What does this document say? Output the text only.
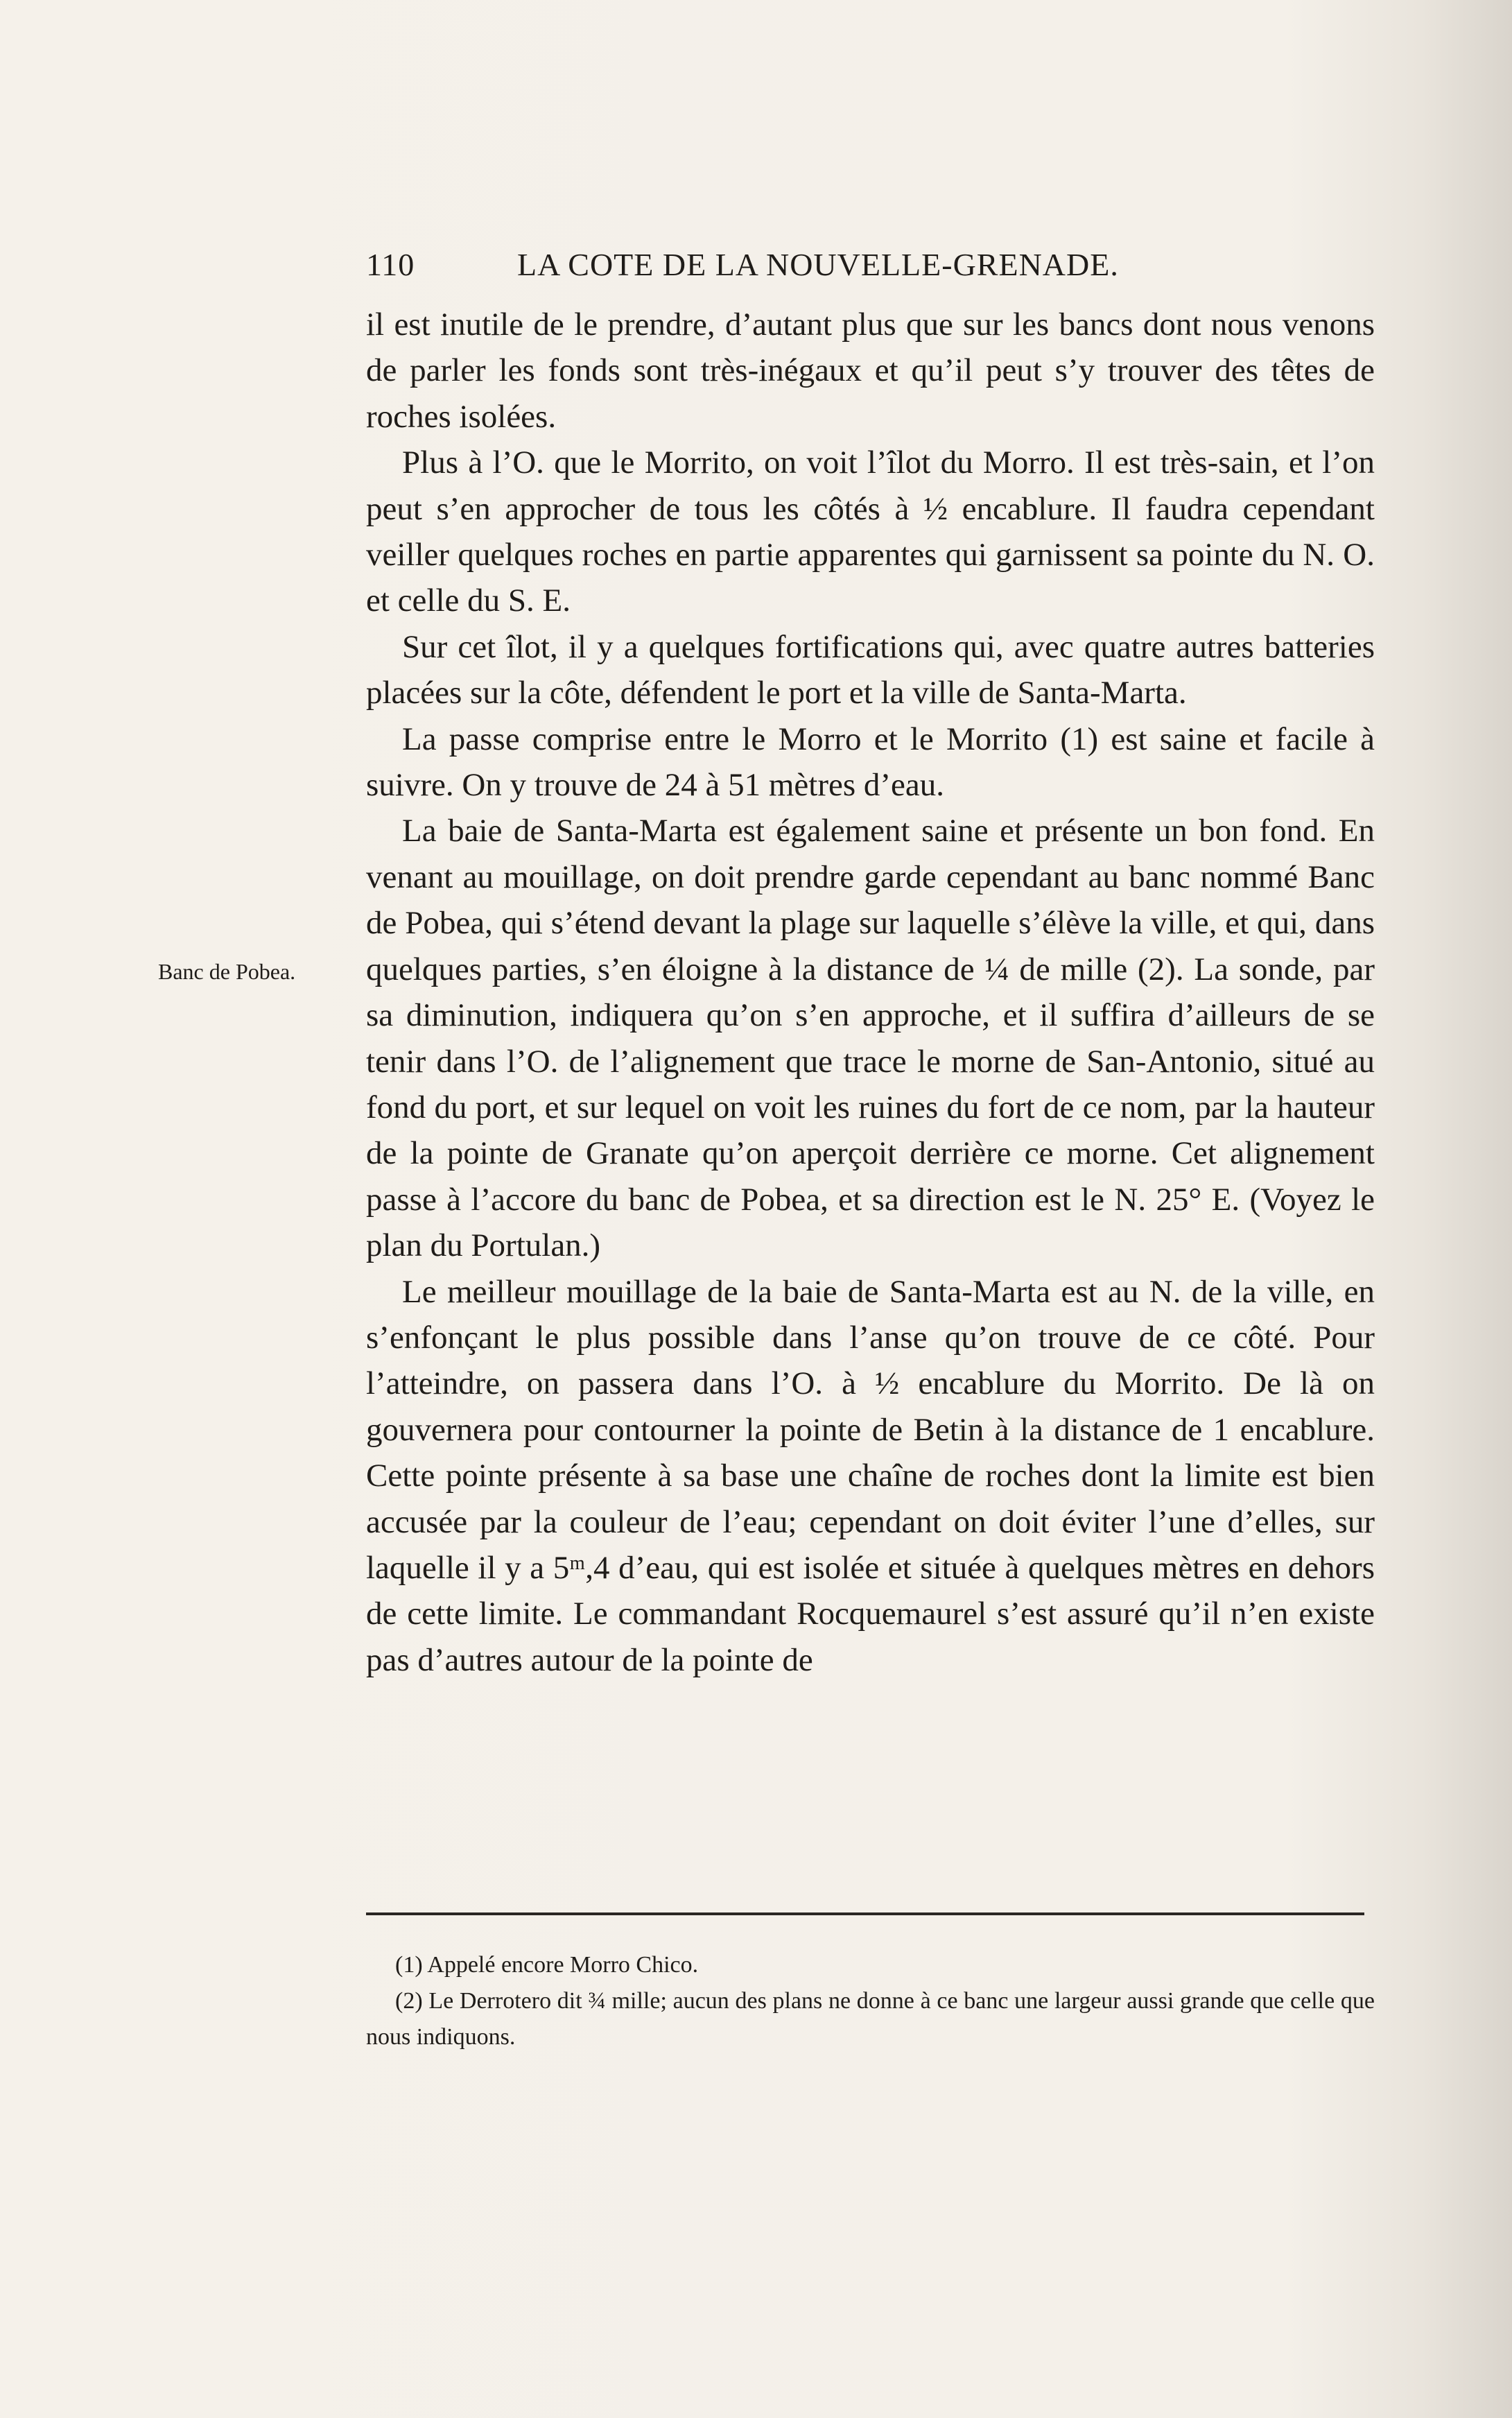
110	LA COTE DE LA NOUVELLE-GRENADE.
Banc de Pobea.

il est inutile de le prendre, d’autant plus que sur les bancs dont nous venons de parler les fonds sont très-inégaux et qu’il peut s’y trouver des têtes de roches isolées.

Plus à l’O. que le Morrito, on voit l’îlot du Morro. Il est très-sain, et l’on peut s’en approcher de tous les côtés à ½ encablure. Il faudra cependant veiller quelques roches en partie apparentes qui garnissent sa pointe du N. O. et celle du S. E.

Sur cet îlot, il y a quelques fortifications qui, avec quatre autres batteries placées sur la côte, défendent le port et la ville de Santa-Marta.

La passe comprise entre le Morro et le Morrito (1) est saine et facile à suivre. On y trouve de 24 à 51 mètres d’eau.

La baie de Santa-Marta est également saine et présente un bon fond. En venant au mouillage, on doit prendre garde cependant au banc nommé Banc de Pobea, qui s’étend devant la plage sur laquelle s’élève la ville, et qui, dans quelques parties, s’en éloigne à la distance de ¼ de mille (2). La sonde, par sa diminution, indiquera qu’on s’en approche, et il suffira d’ailleurs de se tenir dans l’O. de l’alignement que trace le morne de San-Antonio, situé au fond du port, et sur lequel on voit les ruines du fort de ce nom, par la hauteur de la pointe de Granate qu’on aperçoit derrière ce morne. Cet alignement passe à l’accore du banc de Pobea, et sa direction est le N. 25° E. (Voyez le plan du Portulan.)

Le meilleur mouillage de la baie de Santa-Marta est au N. de la ville, en s’enfonçant le plus possible dans l’anse qu’on trouve de ce côté. Pour l’atteindre, on passera dans l’O. à ½ encablure du Morrito. De là on gouvernera pour contourner la pointe de Betin à la distance de 1 encablure. Cette pointe présente à sa base une chaîne de roches dont la limite est bien accusée par la couleur de l’eau; cependant on doit éviter l’une d’elles, sur laquelle il y a 5ᵐ,4 d’eau, qui est isolée et située à quelques mètres en dehors de cette limite. Le commandant Rocquemaurel s’est assuré qu’il n’en existe pas d’autres autour de la pointe de

(1) Appelé encore Morro Chico.

(2) Le Derrotero dit ¾ mille; aucun des plans ne donne à ce banc une largeur aussi grande que celle que nous indiquons.
